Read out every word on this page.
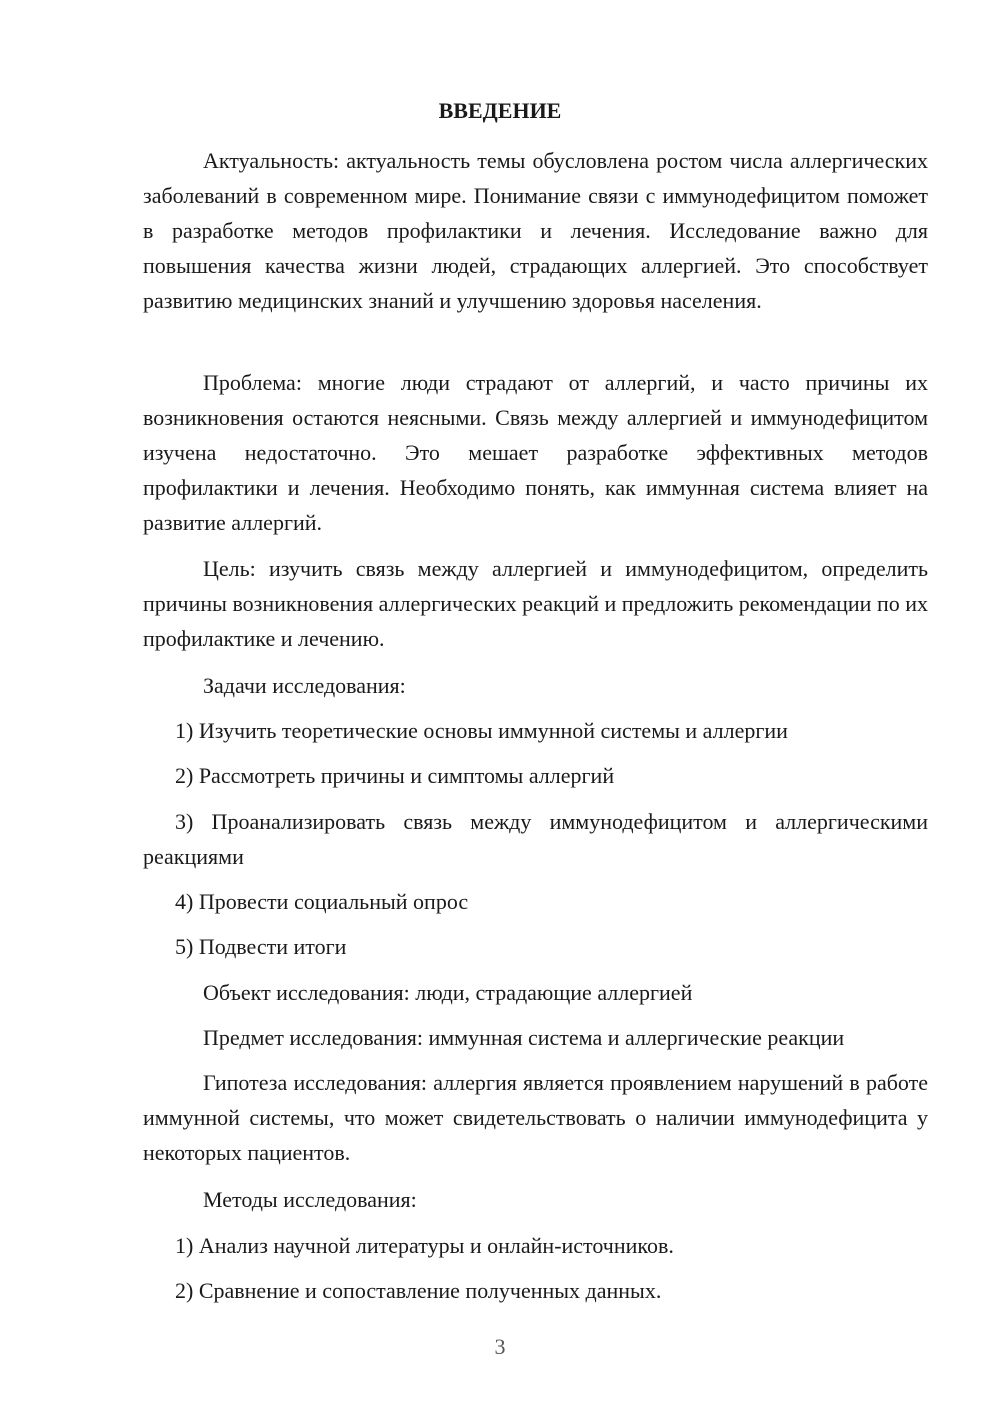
ВВЕДЕНИЕ

Актуальность: актуальность темы обусловлена ростом числа аллергических заболеваний в современном мире. Понимание связи с иммунодефицитом поможет в разработке методов профилактики и лечения. Исследование важно для повышения качества жизни людей, страдающих аллергией. Это способствует развитию медицинских знаний и улучшению здоровья населения.

Проблема: многие люди страдают от аллергий, и часто причины их возникновения остаются неясными. Связь между аллергией и иммунодефицитом изучена недостаточно. Это мешает разработке эффективных методов профилактики и лечения. Необходимо понять, как иммунная система влияет на развитие аллергий.

Цель: изучить связь между аллергией и иммунодефицитом, определить причины возникновения аллергических реакций и предложить рекомендации по их профилактике и лечению.

Задачи исследования:

1) Изучить теоретические основы иммунной системы и аллергии

2) Рассмотреть причины и симптомы аллергий

3) Проанализировать связь между иммунодефицитом и аллергическими реакциями

4) Провести социальный опрос

5) Подвести итоги

Объект исследования: люди, страдающие аллергией

Предмет исследования: иммунная система и аллергические реакции

Гипотеза исследования: аллергия является проявлением нарушений в работе иммунной системы, что может свидетельствовать о наличии иммунодефицита у некоторых пациентов.

Методы исследования:

1) Анализ научной литературы и онлайн-источников.

2) Сравнение и сопоставление полученных данных.

3
